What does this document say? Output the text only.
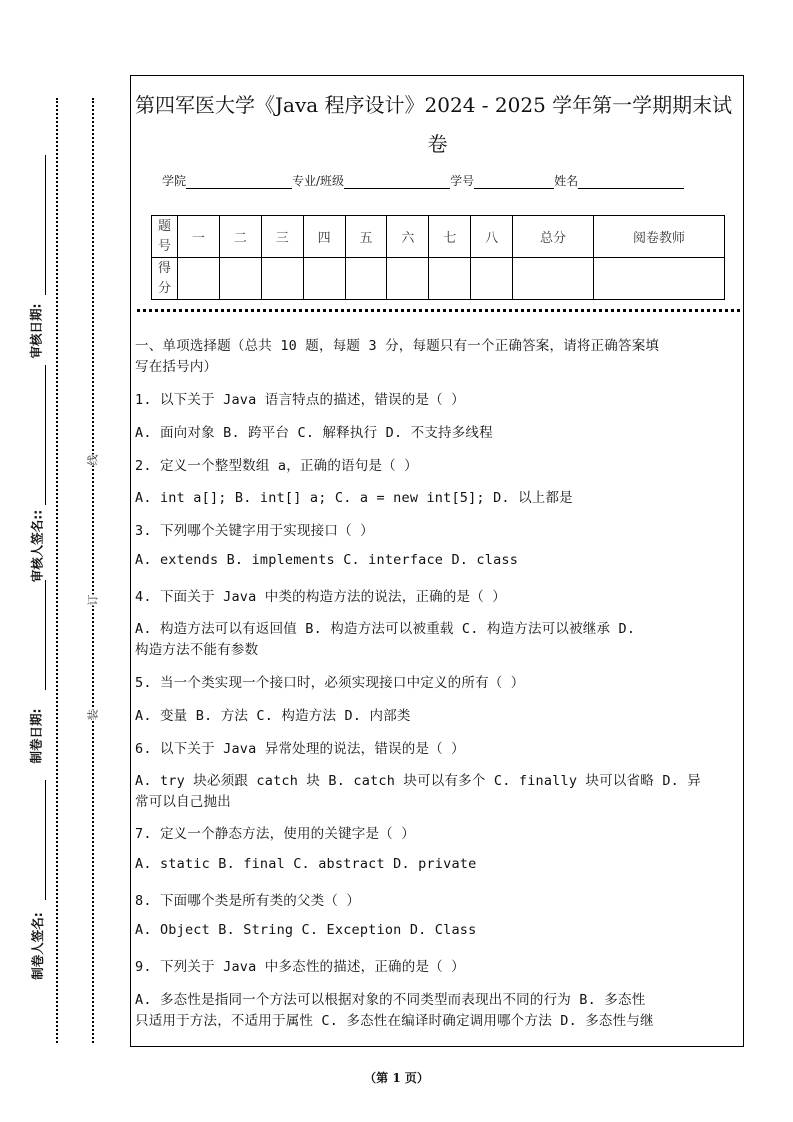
审核日期:
审核人签名::
制卷日期:
制卷人签名:
线
订
装
第四军医大学《Java 程序设计》2024 - 2025 学年第一学期期末试
卷
学院	专业/班级	学号	姓名
题号	一	二	三	四	五	六	七	八	总分	阅卷教师
得分										
一、单项选择题（总共 10 题，每题 3 分，每题只有一个正确答案，请将正确答案填
写在括号内）
1. 以下关于 Java 语言特点的描述，错误的是（ ）
A. 面向对象 B. 跨平台 C. 解释执行 D. 不支持多线程
2. 定义一个整型数组 a，正确的语句是（ ）
A. int a[]; B. int[] a; C. a = new int[5]; D. 以上都是
3. 下列哪个关键字用于实现接口（ ）
A. extends B. implements C. interface D. class
4. 下面关于 Java 中类的构造方法的说法，正确的是（ ）
A. 构造方法可以有返回值 B. 构造方法可以被重载 C. 构造方法可以被继承 D.
构造方法不能有参数
5. 当一个类实现一个接口时，必须实现接口中定义的所有（ ）
A. 变量 B. 方法 C. 构造方法 D. 内部类
6. 以下关于 Java 异常处理的说法，错误的是（ ）
A. try 块必须跟 catch 块 B. catch 块可以有多个 C. finally 块可以省略 D. 异
常可以自己抛出
7. 定义一个静态方法，使用的关键字是（ ）
A. static B. final C. abstract D. private
8. 下面哪个类是所有类的父类（ ）
A. Object B. String C. Exception D. Class
9. 下列关于 Java 中多态性的描述，正确的是（ ）
A. 多态性是指同一个方法可以根据对象的不同类型而表现出不同的行为 B. 多态性
只适用于方法，不适用于属性 C. 多态性在编译时确定调用哪个方法 D. 多态性与继
（第 1 页）
